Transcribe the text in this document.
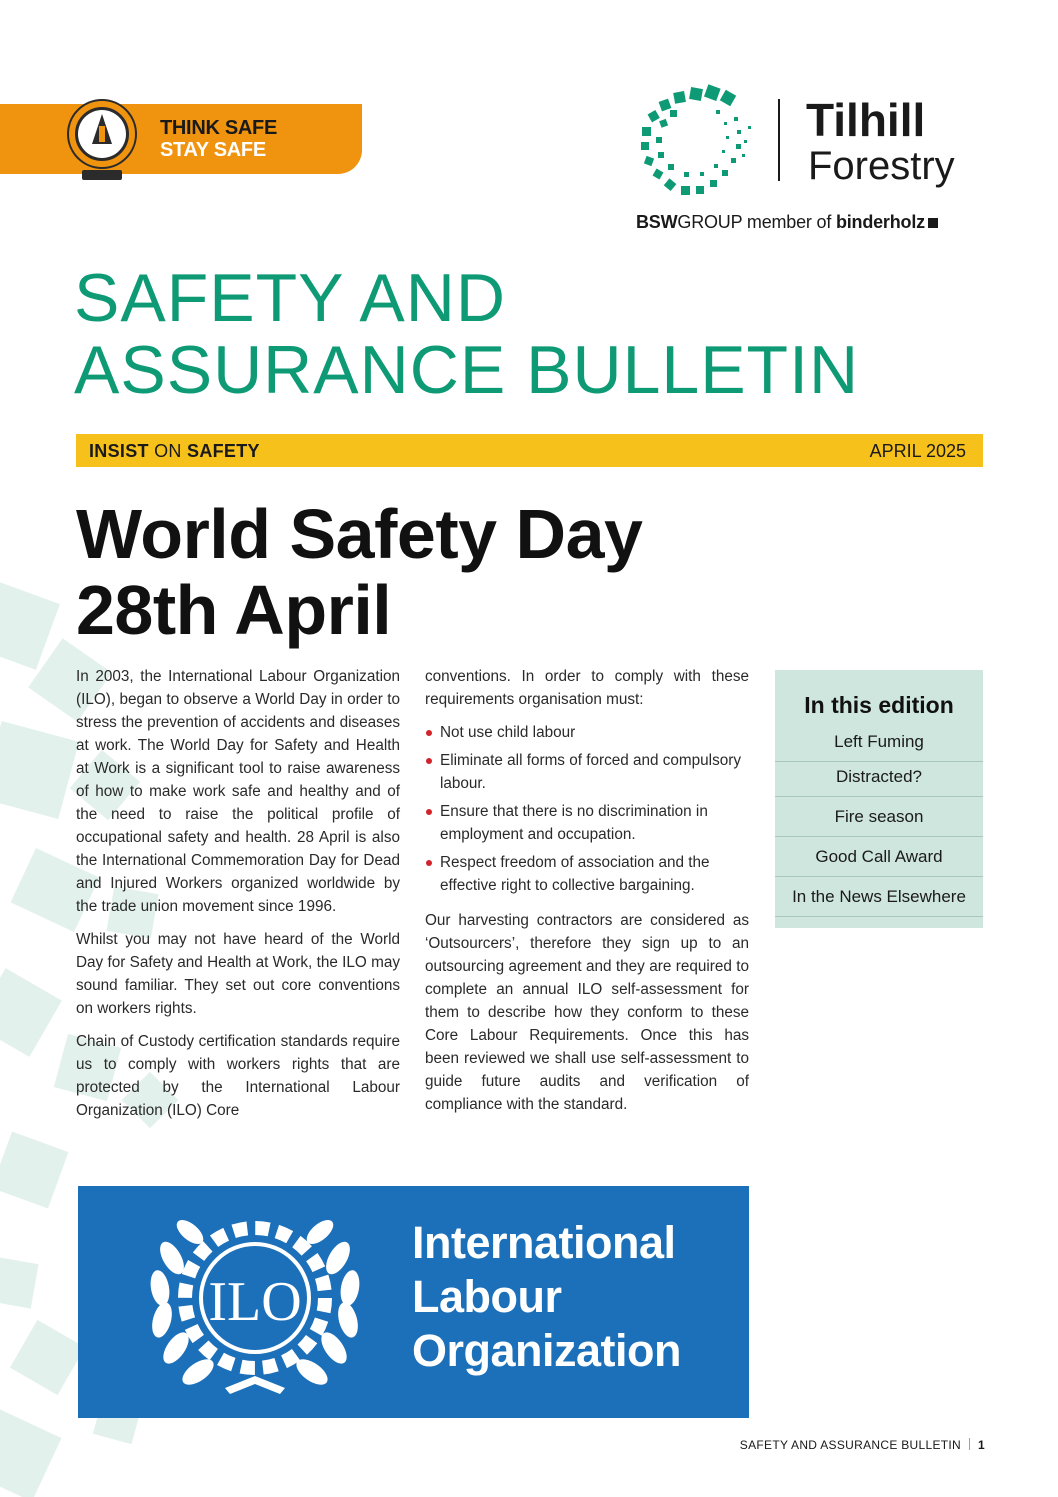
THINK SAFE
STAY SAFE
Tilhill
Forestry
BSWGROUP member of binderholz
SAFETY AND
ASSURANCE BULLETIN
INSIST ON SAFETY	APRIL 2025
World Safety Day
28th April

In 2003, the International Labour Organization (ILO), began to observe a World Day in order to stress the prevention of accidents and diseases at work. The World Day for Safety and Health at Work is a significant tool to raise awareness of how to make work safe and healthy and of the need to raise the political profile of occupational safety and health. 28 April is also the International Commemoration Day for Dead and Injured Workers organized worldwide by the trade union movement since 1996.

Whilst you may not have heard of the World Day for Safety and Health at Work, the ILO may sound familiar. They set out core conventions on workers rights.

Chain of Custody certification standards require us to comply with workers rights that are protected by the International Labour Organization (ILO) Core

conventions. In order to comply with these requirements organisation must:

Not use child labour
Eliminate all forms of forced and compulsory labour.
Ensure that there is no discrimination in employment and occupation.
Respect freedom of association and the effective right to collective bargaining.

Our harvesting contractors are considered as ‘Outsourcers’, therefore they sign up to an outsourcing agreement and they are required to complete an annual ILO self-assessment for them to describe how they conform to these Core Labour Requirements. Once this has been reviewed we shall use self-assessment to guide future audits and verification of compliance with the standard.

In this edition
Left Fuming
Distracted?
Fire season
Good Call Award
In the News Elsewhere
ILO
International
Labour
Organization
SAFETY AND ASSURANCE BULLETIN 1
